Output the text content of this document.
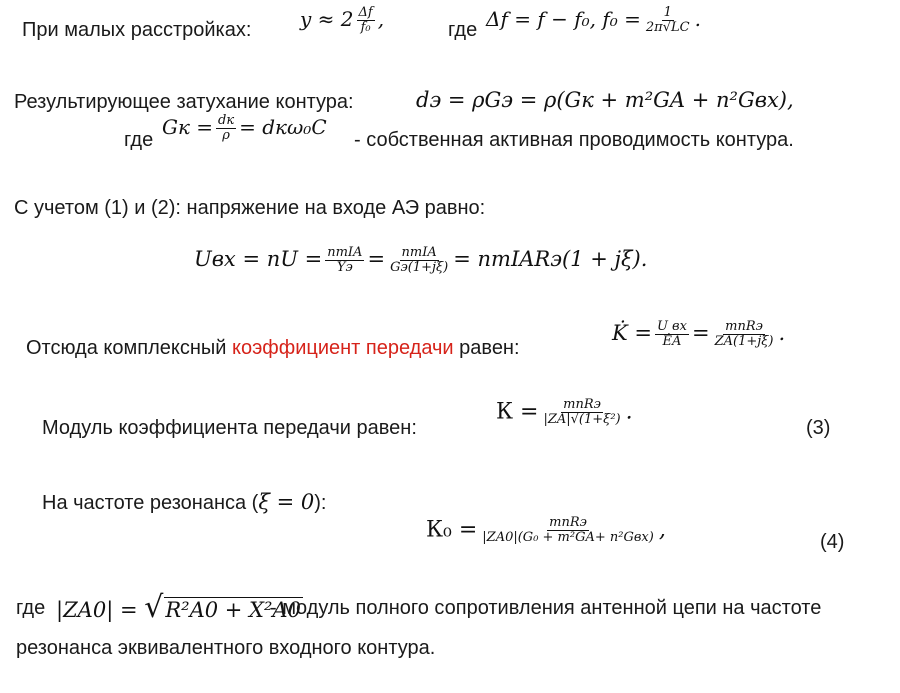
При малых расстройках: $y \approx 2 \frac{\Delta f}{\text{f₀}}$ ,	где Δf = f − f₀, $f_0 = \frac{1}{2\pi√LC}$ .
Результирующее затухание контура:	dэ = ρGэ = ρ(Gк + m²GA + n²Gвх),
где
Gк = $\frac{dк}{\rho} = dк\omega_0C$
- собственная активная проводимость контура.
С учетом (1) и (2): напряжение на входе АЭ равно:
Uвх = nU = $\frac{\text{nmIA}}{Yэ} = \frac{\text{nmIA}}{Gэ(1+j\xi)}$ = nmIARэ(1 + jξ).
Отсюда комплексный коэффициент передачи равен:
K̇ = $\frac{\text{U вх}}{ĖA} = \frac{\text{mnRэ}}{ZA(1+j\xi)}$ .
Модуль коэффициента передачи равен:
$К = \frac{\text{mnRэ}}{\text{|ZA|√(1+ξ²)}}$ .
(3)
На частоте резонанса (ξ = 0):
$К_0 = \frac{\text{mnRэ}}{\text{|ZA0|(G₀ + m²GA+ n²Gвх)}}$ ,	(4)
где |ZA0| = √R²A0 + X²A0
- модуль полного сопротивления антенной цепи на частоте
резонанса эквивалентного входного контура.
